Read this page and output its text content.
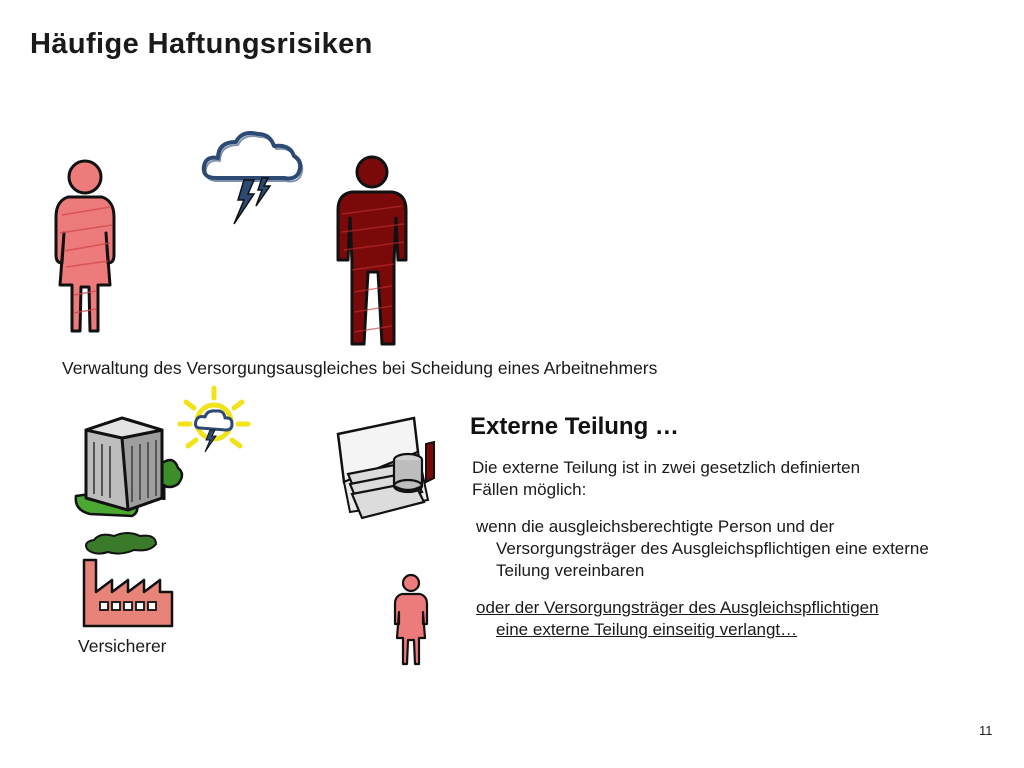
Häufige Haftungsrisiken
Verwaltung des Versorgungsausgleiches bei Scheidung eines Arbeitnehmers
Versicherer
Externe Teilung …
Die externe Teilung ist in zwei gesetzlich definierten
Fällen möglich:
wenn die ausgleichsberechtigte Person und der
Versorgungsträger des Ausgleichspflichtigen eine externe
Teilung vereinbaren
oder der Versorgungsträger des Ausgleichspflichtigen
eine externe Teilung einseitig verlangt…
11
